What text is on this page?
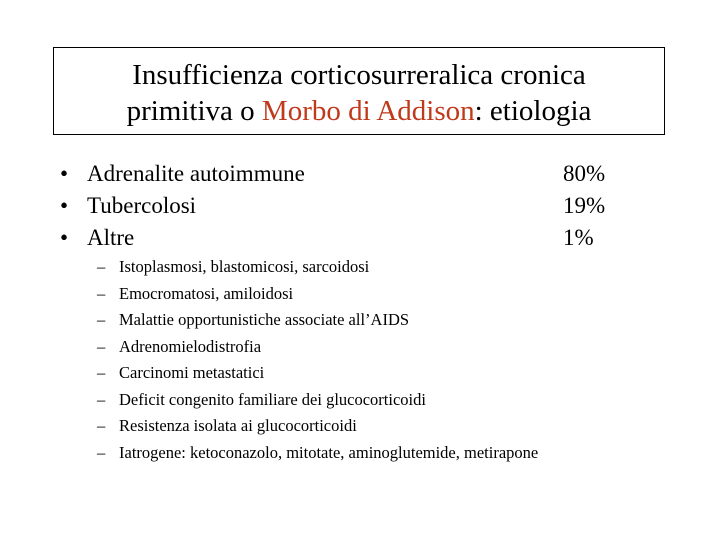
Insufficienza corticosurreralica cronica
primitiva o Morbo di Addison: etiologia
• Adrenalite autoimmune	80%
• Tubercolosi	19%
• Altre	1%
– Istoplasmosi, blastomicosi, sarcoidosi
– Emocromatosi, amiloidosi
– Malattie opportunistiche associate all’AIDS
– Adrenomielodistrofia
– Carcinomi metastatici
– Deficit congenito familiare dei glucocorticoidi
– Resistenza isolata ai glucocorticoidi
– Iatrogene: ketoconazolo, mitotate, aminoglutemide, metirapone
